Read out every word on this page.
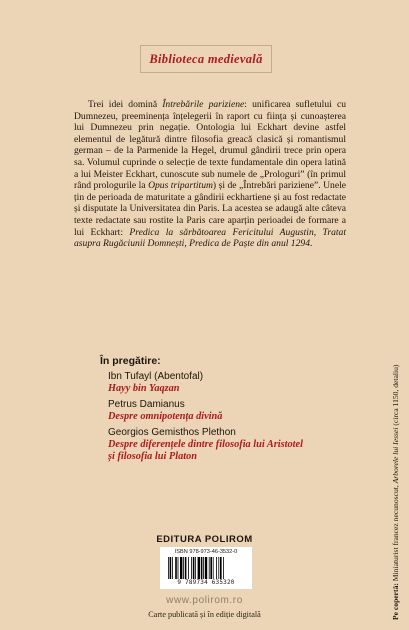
Biblioteca medievală

Trei idei domină Întrebările pariziene: unificarea sufletului cu Dumnezeu, preeminența înțelegerii în raport cu ființa și cunoașterea lui Dumnezeu prin negație. Ontologia lui Eckhart devine astfel elementul de legătură dintre filosofia greacă clasică și romantismul german – de la Parmenide la Hegel, drumul gândirii trece prin opera sa. Volumul cuprinde o selecție de texte fundamentale din opera latină a lui Meister Eckhart, cunoscute sub numele de „Prologuri” (în primul rând prologurile la Opus tripartitum) și de „Întrebări pariziene”. Unele țin de perioada de maturitate a gândirii eckhartiene și au fost redactate și disputate la Universitatea din Paris. La acestea se adaugă alte câteva texte redactate sau rostite la Paris care aparțin perioadei de formare a lui Eckhart: Predica la sărbătoarea Fericitului Augustin, Tratat asupra Rugăciunii Domnești, Predica de Paște din anul 1294.

În pregătire:
Ibn Tufayl (Abentofal)
Hayy bin Yaqzan
Petrus Damianus
Despre omnipotența divină
Georgios Gemisthos Plethon
Despre diferențele dintre filosofia lui Aristotel
și filosofia lui Platon
EDITURA POLIROM
ISBN 978-973-46-3532-0
9 789734 635320
www.polirom.ro
Carte publicată și în ediție digitală	Pe copertă: Miniaturist francez necunoscut, Arborele lui Iessei (circa 1150, detaliu)
